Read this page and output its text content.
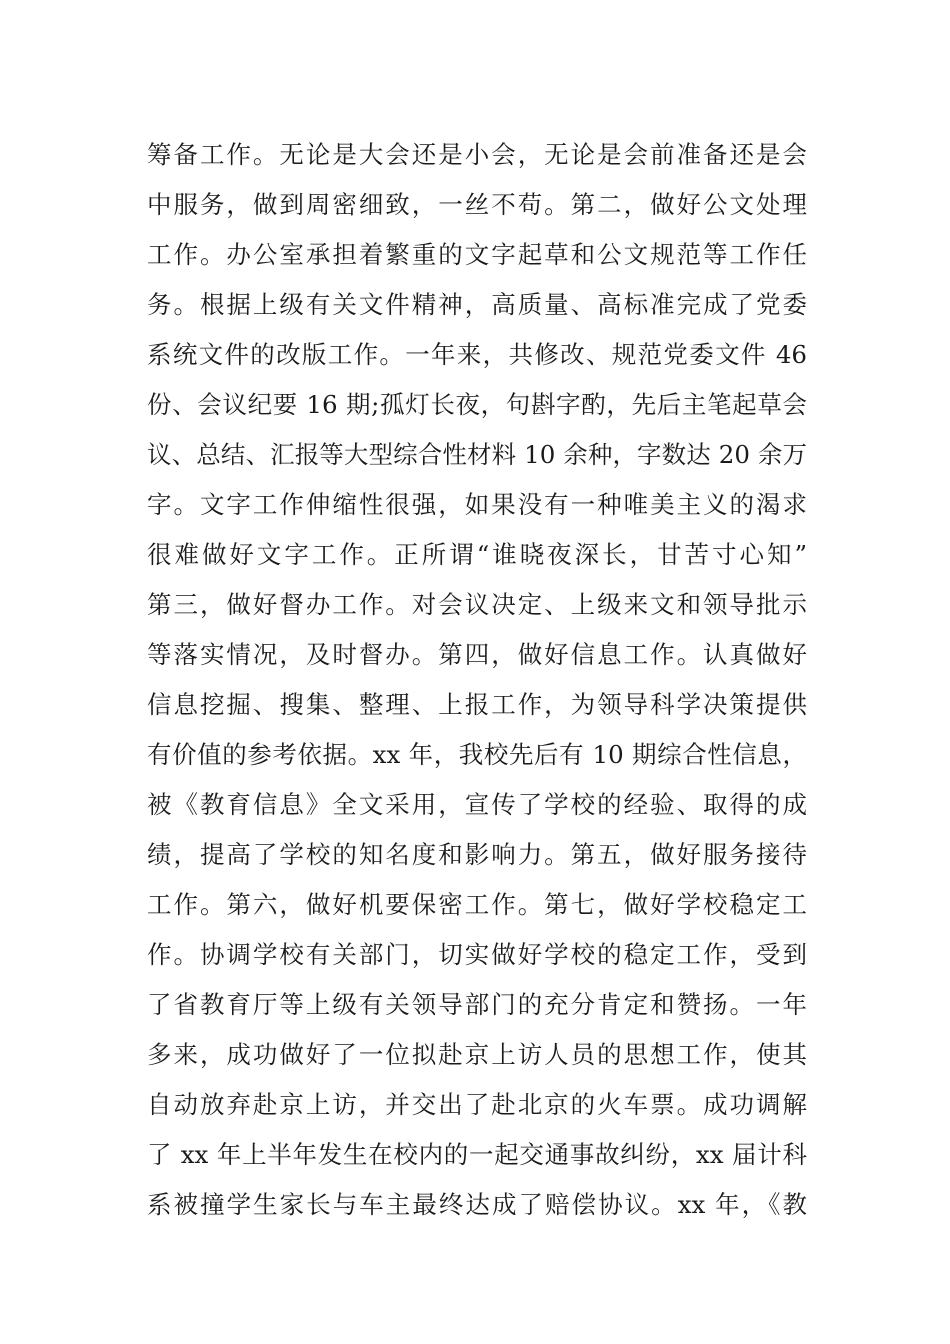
筹备工作。无论是大会还是小会，无论是会前准备还是会
中服务，做到周密细致，一丝不苟。第二，做好公文处理
工作。办公室承担着繁重的文字起草和公文规范等工作任
务。根据上级有关文件精神，高质量、高标准完成了党委
系统文件的改版工作。一年来，共修改、规范党委文件 46
份、会议纪要 16 期;孤灯长夜，句斟字酌，先后主笔起草会
议、总结、汇报等大型综合性材料 10 余种，字数达 20 余万
字。文字工作伸缩性很强，如果没有一种唯美主义的渴求
很难做好文字工作。正所谓“谁晓夜深长，甘苦寸心知”
第三，做好督办工作。对会议决定、上级来文和领导批示
等落实情况，及时督办。第四，做好信息工作。认真做好
信息挖掘、搜集、整理、上报工作，为领导科学决策提供
有价值的参考依据。xx 年，我校先后有 10 期综合性信息，
被《教育信息》全文采用，宣传了学校的经验、取得的成
绩，提高了学校的知名度和影响力。第五，做好服务接待
工作。第六，做好机要保密工作。第七，做好学校稳定工
作。协调学校有关部门，切实做好学校的稳定工作，受到
了省教育厅等上级有关领导部门的充分肯定和赞扬。一年
多来，成功做好了一位拟赴京上访人员的思想工作，使其
自动放弃赴京上访，并交出了赴北京的火车票。成功调解
了 xx 年上半年发生在校内的一起交通事故纠纷，xx 届计科
系被撞学生家长与车主最终达成了赔偿协议。xx 年，《教
